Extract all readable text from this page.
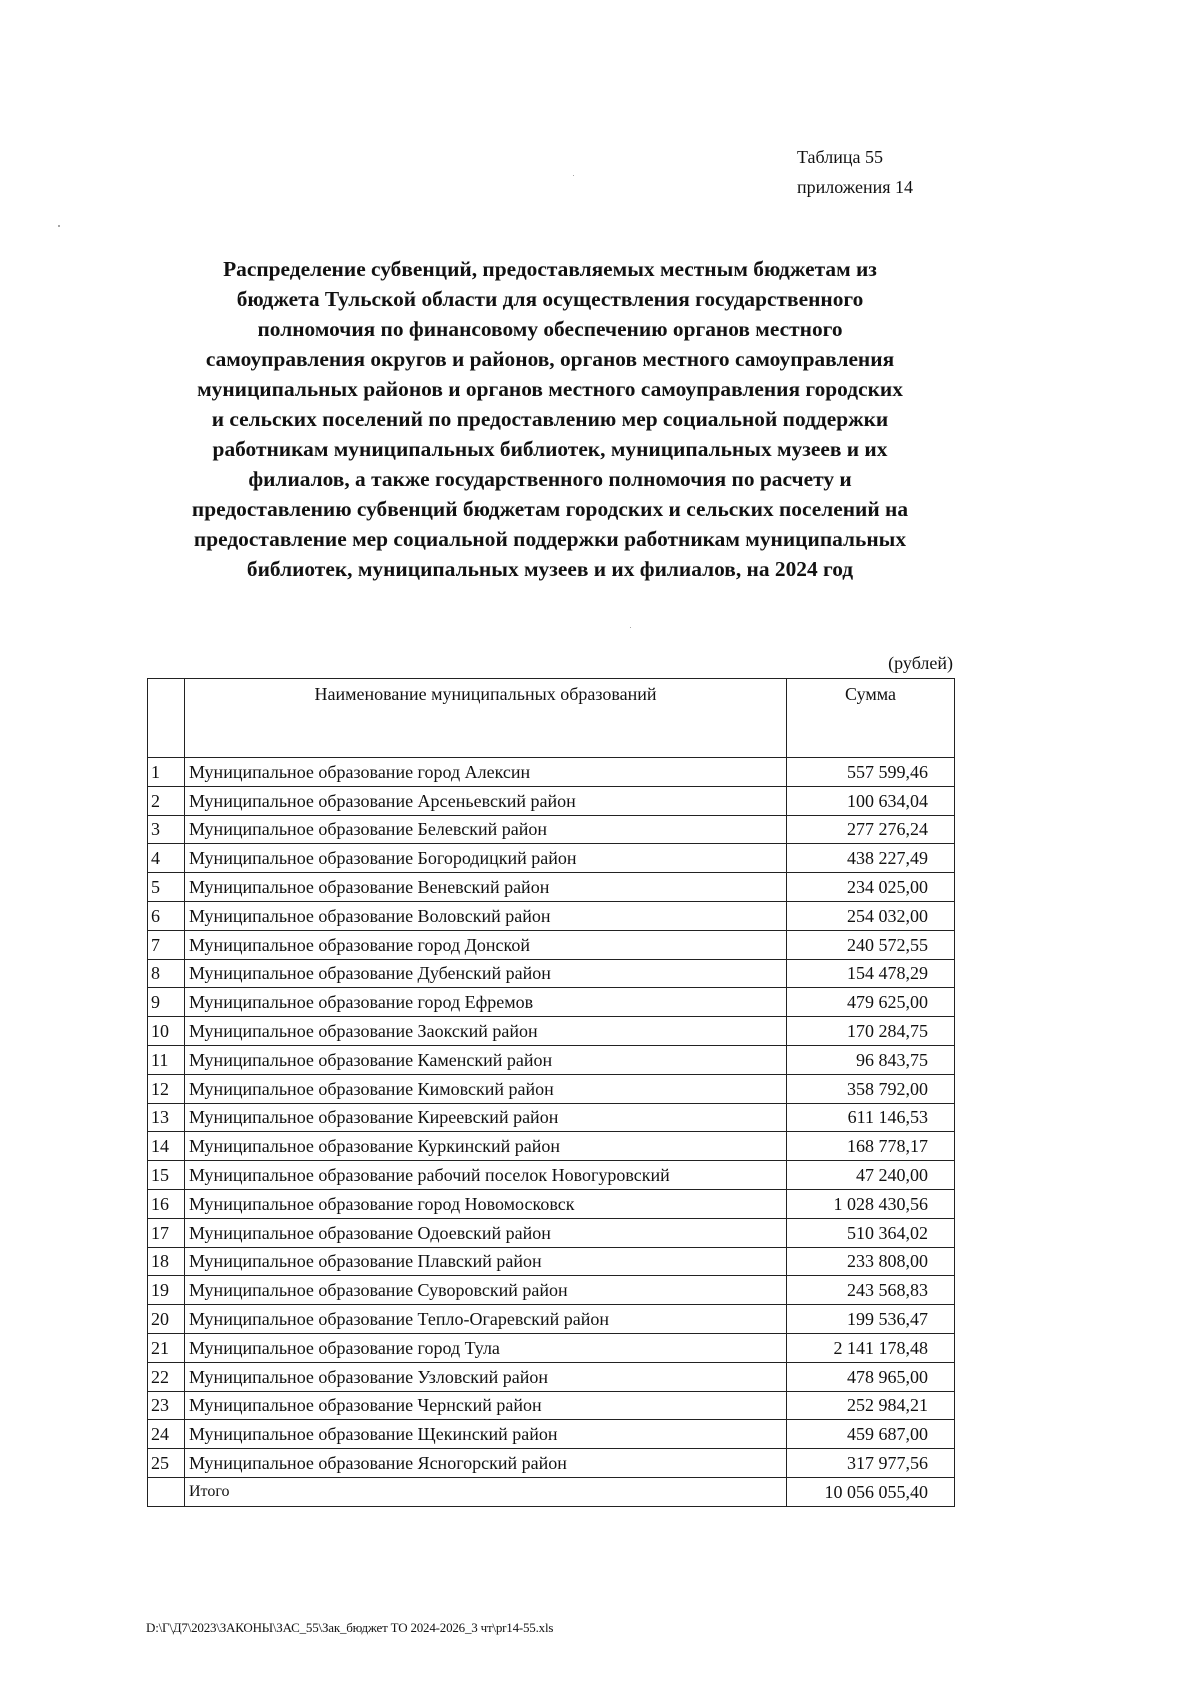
Таблица 55
приложения 14
Распределение субвенций, предоставляемых местным бюджетам из
бюджета Тульской области для осуществления государственного
полномочия по финансовому обеспечению органов местного
самоуправления округов и районов, органов местного самоуправления
муниципальных районов и органов местного самоуправления городских
и сельских поселений по предоставлению мер социальной поддержки
работникам муниципальных библиотек, муниципальных музеев и их
филиалов, а также государственного полномочия по расчету и
предоставлению субвенций бюджетам городских и сельских поселений на
предоставление мер социальной поддержки работникам муниципальных
библиотек, муниципальных музеев и их филиалов, на 2024 год
(рублей)
	Наименование муниципальных образований	Сумма
1	Муниципальное образование город Алексин	557 599,46
2	Муниципальное образование Арсеньевский район	100 634,04
3	Муниципальное образование Белевский район	277 276,24
4	Муниципальное образование Богородицкий район	438 227,49
5	Муниципальное образование Веневский район	234 025,00
6	Муниципальное образование Воловский район	254 032,00
7	Муниципальное образование город Донской	240 572,55
8	Муниципальное образование Дубенский район	154 478,29
9	Муниципальное образование город Ефремов	479 625,00
10	Муниципальное образование Заокский район	170 284,75
11	Муниципальное образование Каменский район	96 843,75
12	Муниципальное образование Кимовский район	358 792,00
13	Муниципальное образование Киреевский район	611 146,53
14	Муниципальное образование Куркинский район	168 778,17
15	Муниципальное образование рабочий поселок Новогуровский	47 240,00
16	Муниципальное образование город Новомосковск	1 028 430,56
17	Муниципальное образование Одоевский район	510 364,02
18	Муниципальное образование Плавский район	233 808,00
19	Муниципальное образование Суворовский район	243 568,83
20	Муниципальное образование Тепло-Огаревский район	199 536,47
21	Муниципальное образование город Тула	2 141 178,48
22	Муниципальное образование Узловский район	478 965,00
23	Муниципальное образование Чернский район	252 984,21
24	Муниципальное образование Щекинский район	459 687,00
25	Муниципальное образование Ясногорский район	317 977,56
	Итого	10 056 055,40
D:\Г\Д7\2023\ЗАКОНЫ\ЗАС_55\Зак_бюджет ТО 2024-2026_3 чт\pr14-55.xls
